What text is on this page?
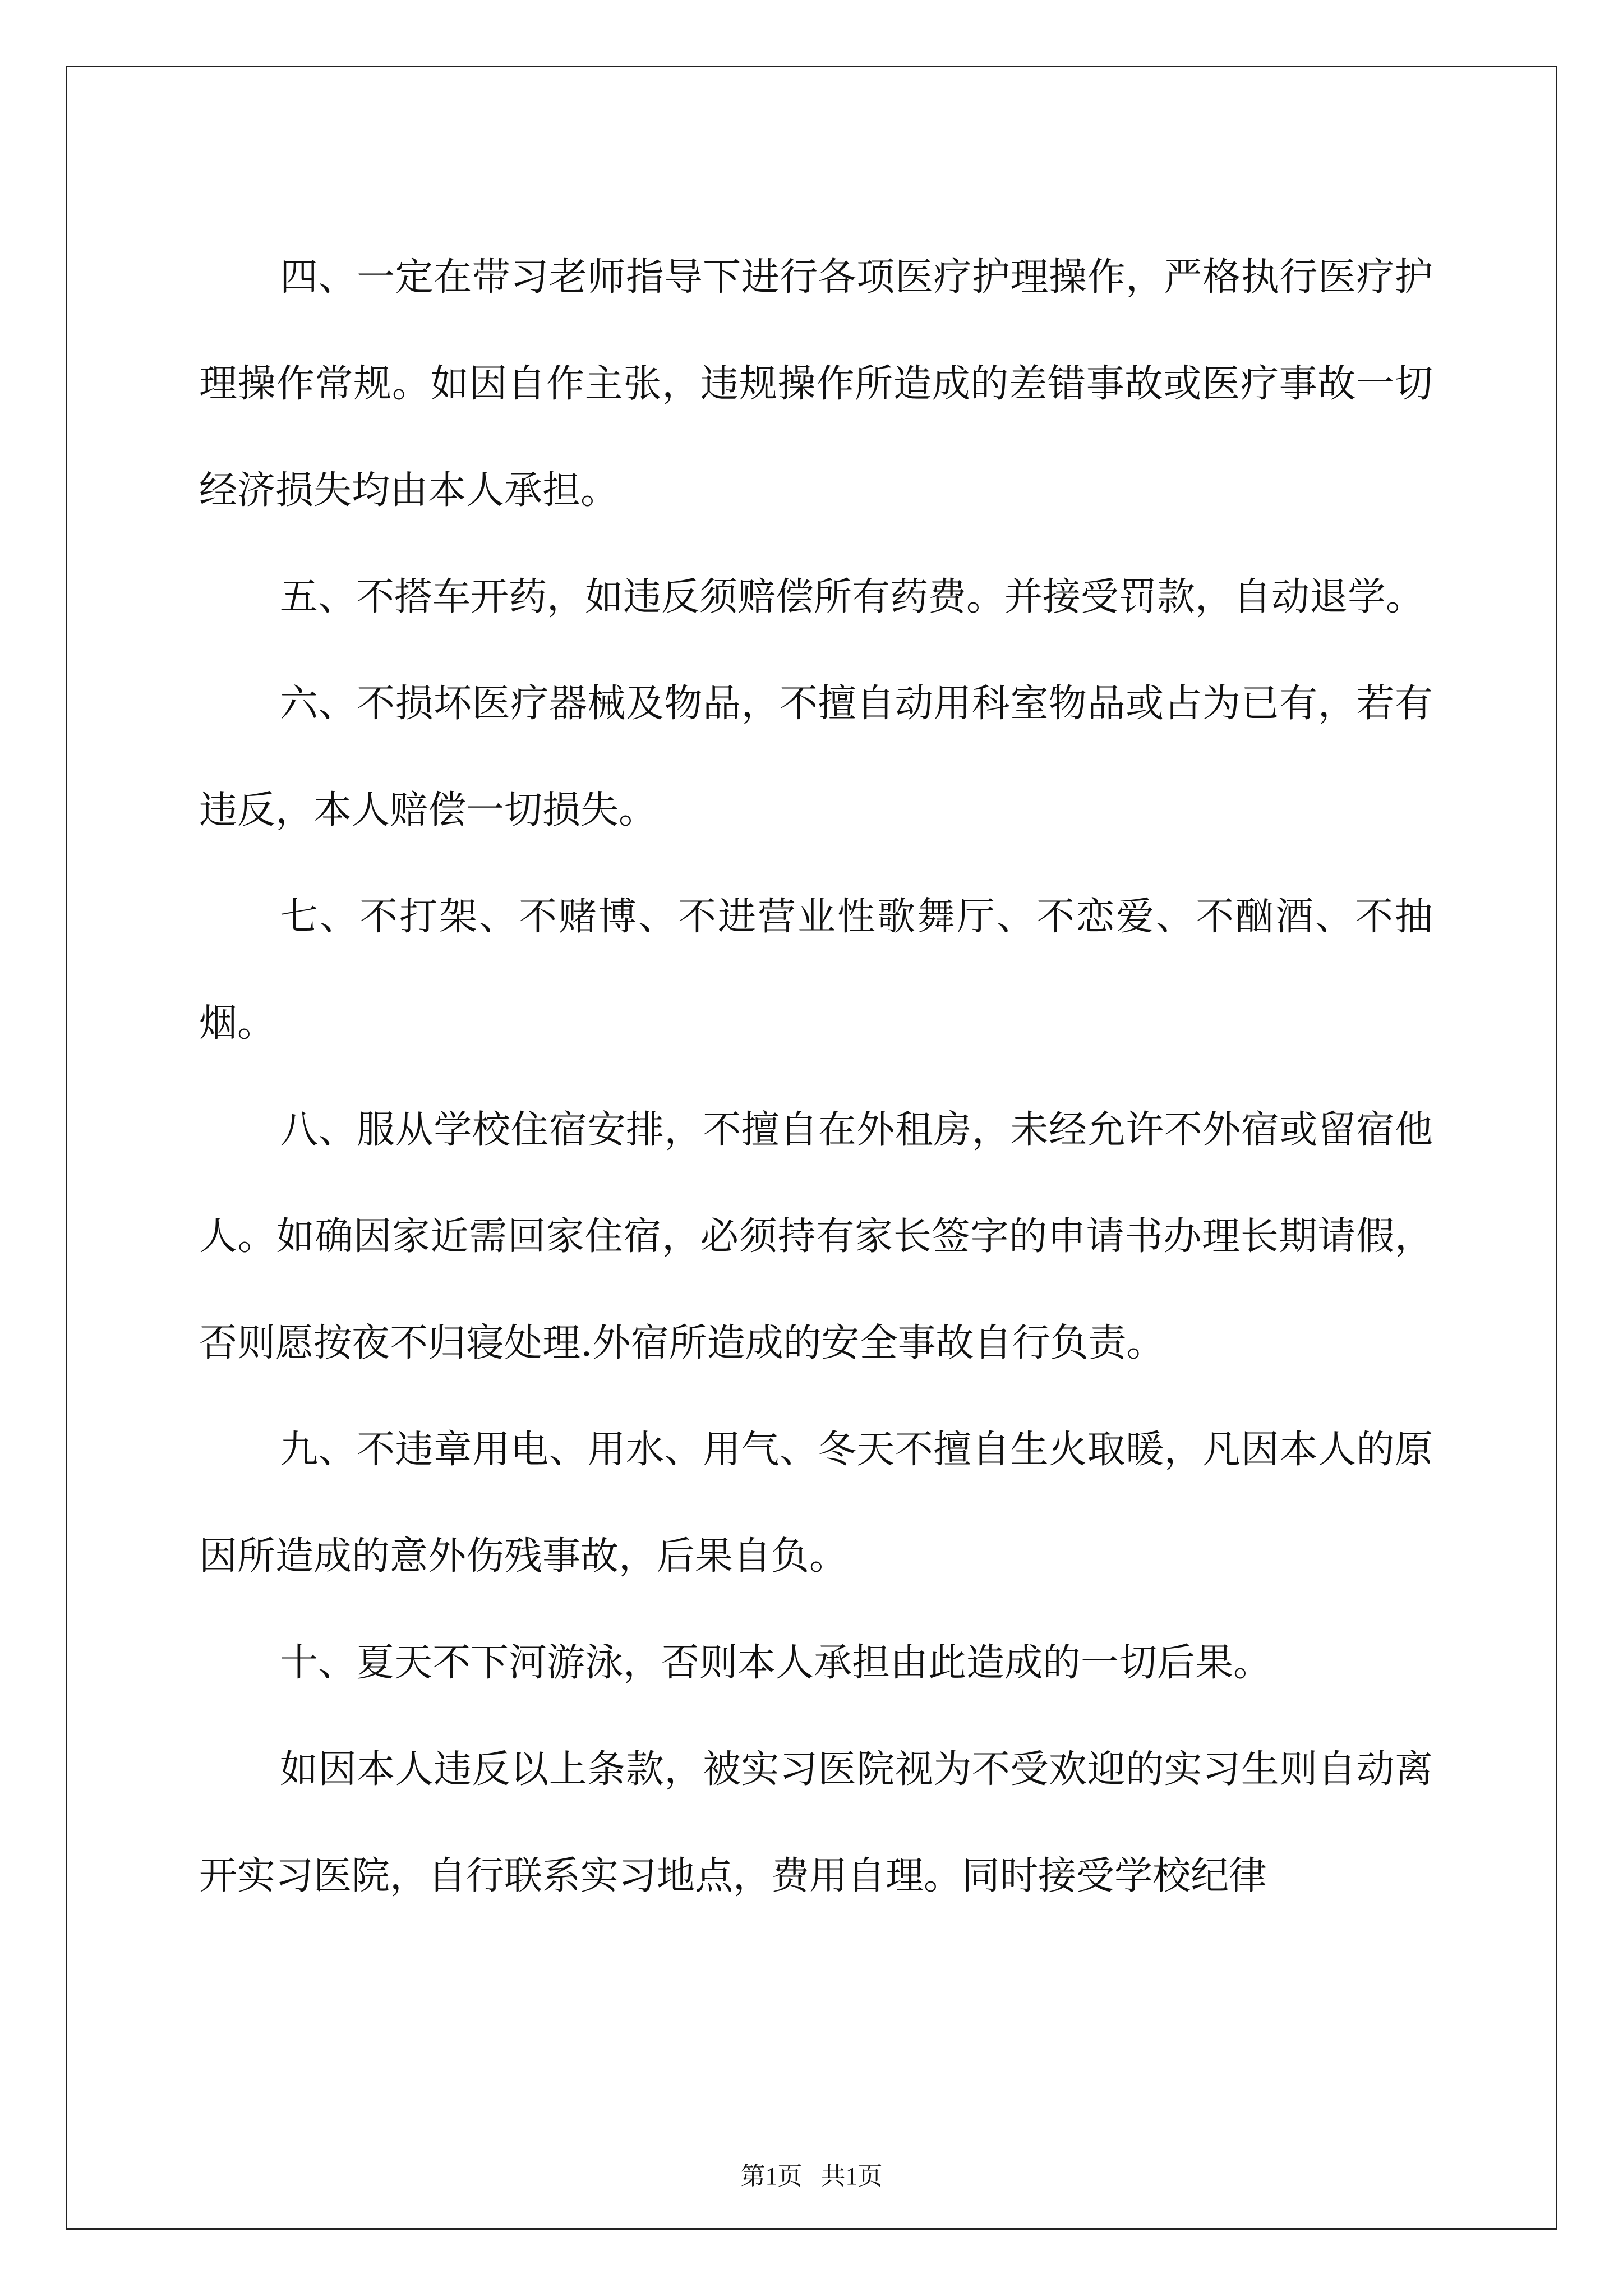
四、一定在带习老师指导下进行各项医疗护理操作，严格执行医疗护理操作常规。如因自作主张，违规操作所造成的差错事故或医疗事故一切经济损失均由本人承担。

五、不搭车开药，如违反须赔偿所有药费。并接受罚款，自动退学。

六、不损坏医疗器械及物品，不擅自动用科室物品或占为已有，若有违反，本人赔偿一切损失。

七、不打架、不赌博、不进营业性歌舞厅、不恋爱、不酗酒、不抽烟。

八、服从学校住宿安排，不擅自在外租房，未经允许不外宿或留宿他人。如确因家近需回家住宿，必须持有家长签字的申请书办理长期请假，否则愿按夜不归寝处理.外宿所造成的安全事故自行负责。

九、不违章用电、用水、用气、冬天不擅自生火取暖，凡因本人的原因所造成的意外伤残事故，后果自负。

十、夏天不下河游泳，否则本人承担由此造成的一切后果。

如因本人违反以上条款，被实习医院视为不受欢迎的实习生则自动离开实习医院，自行联系实习地点，费用自理。同时接受学校纪律

第1页   共1页
